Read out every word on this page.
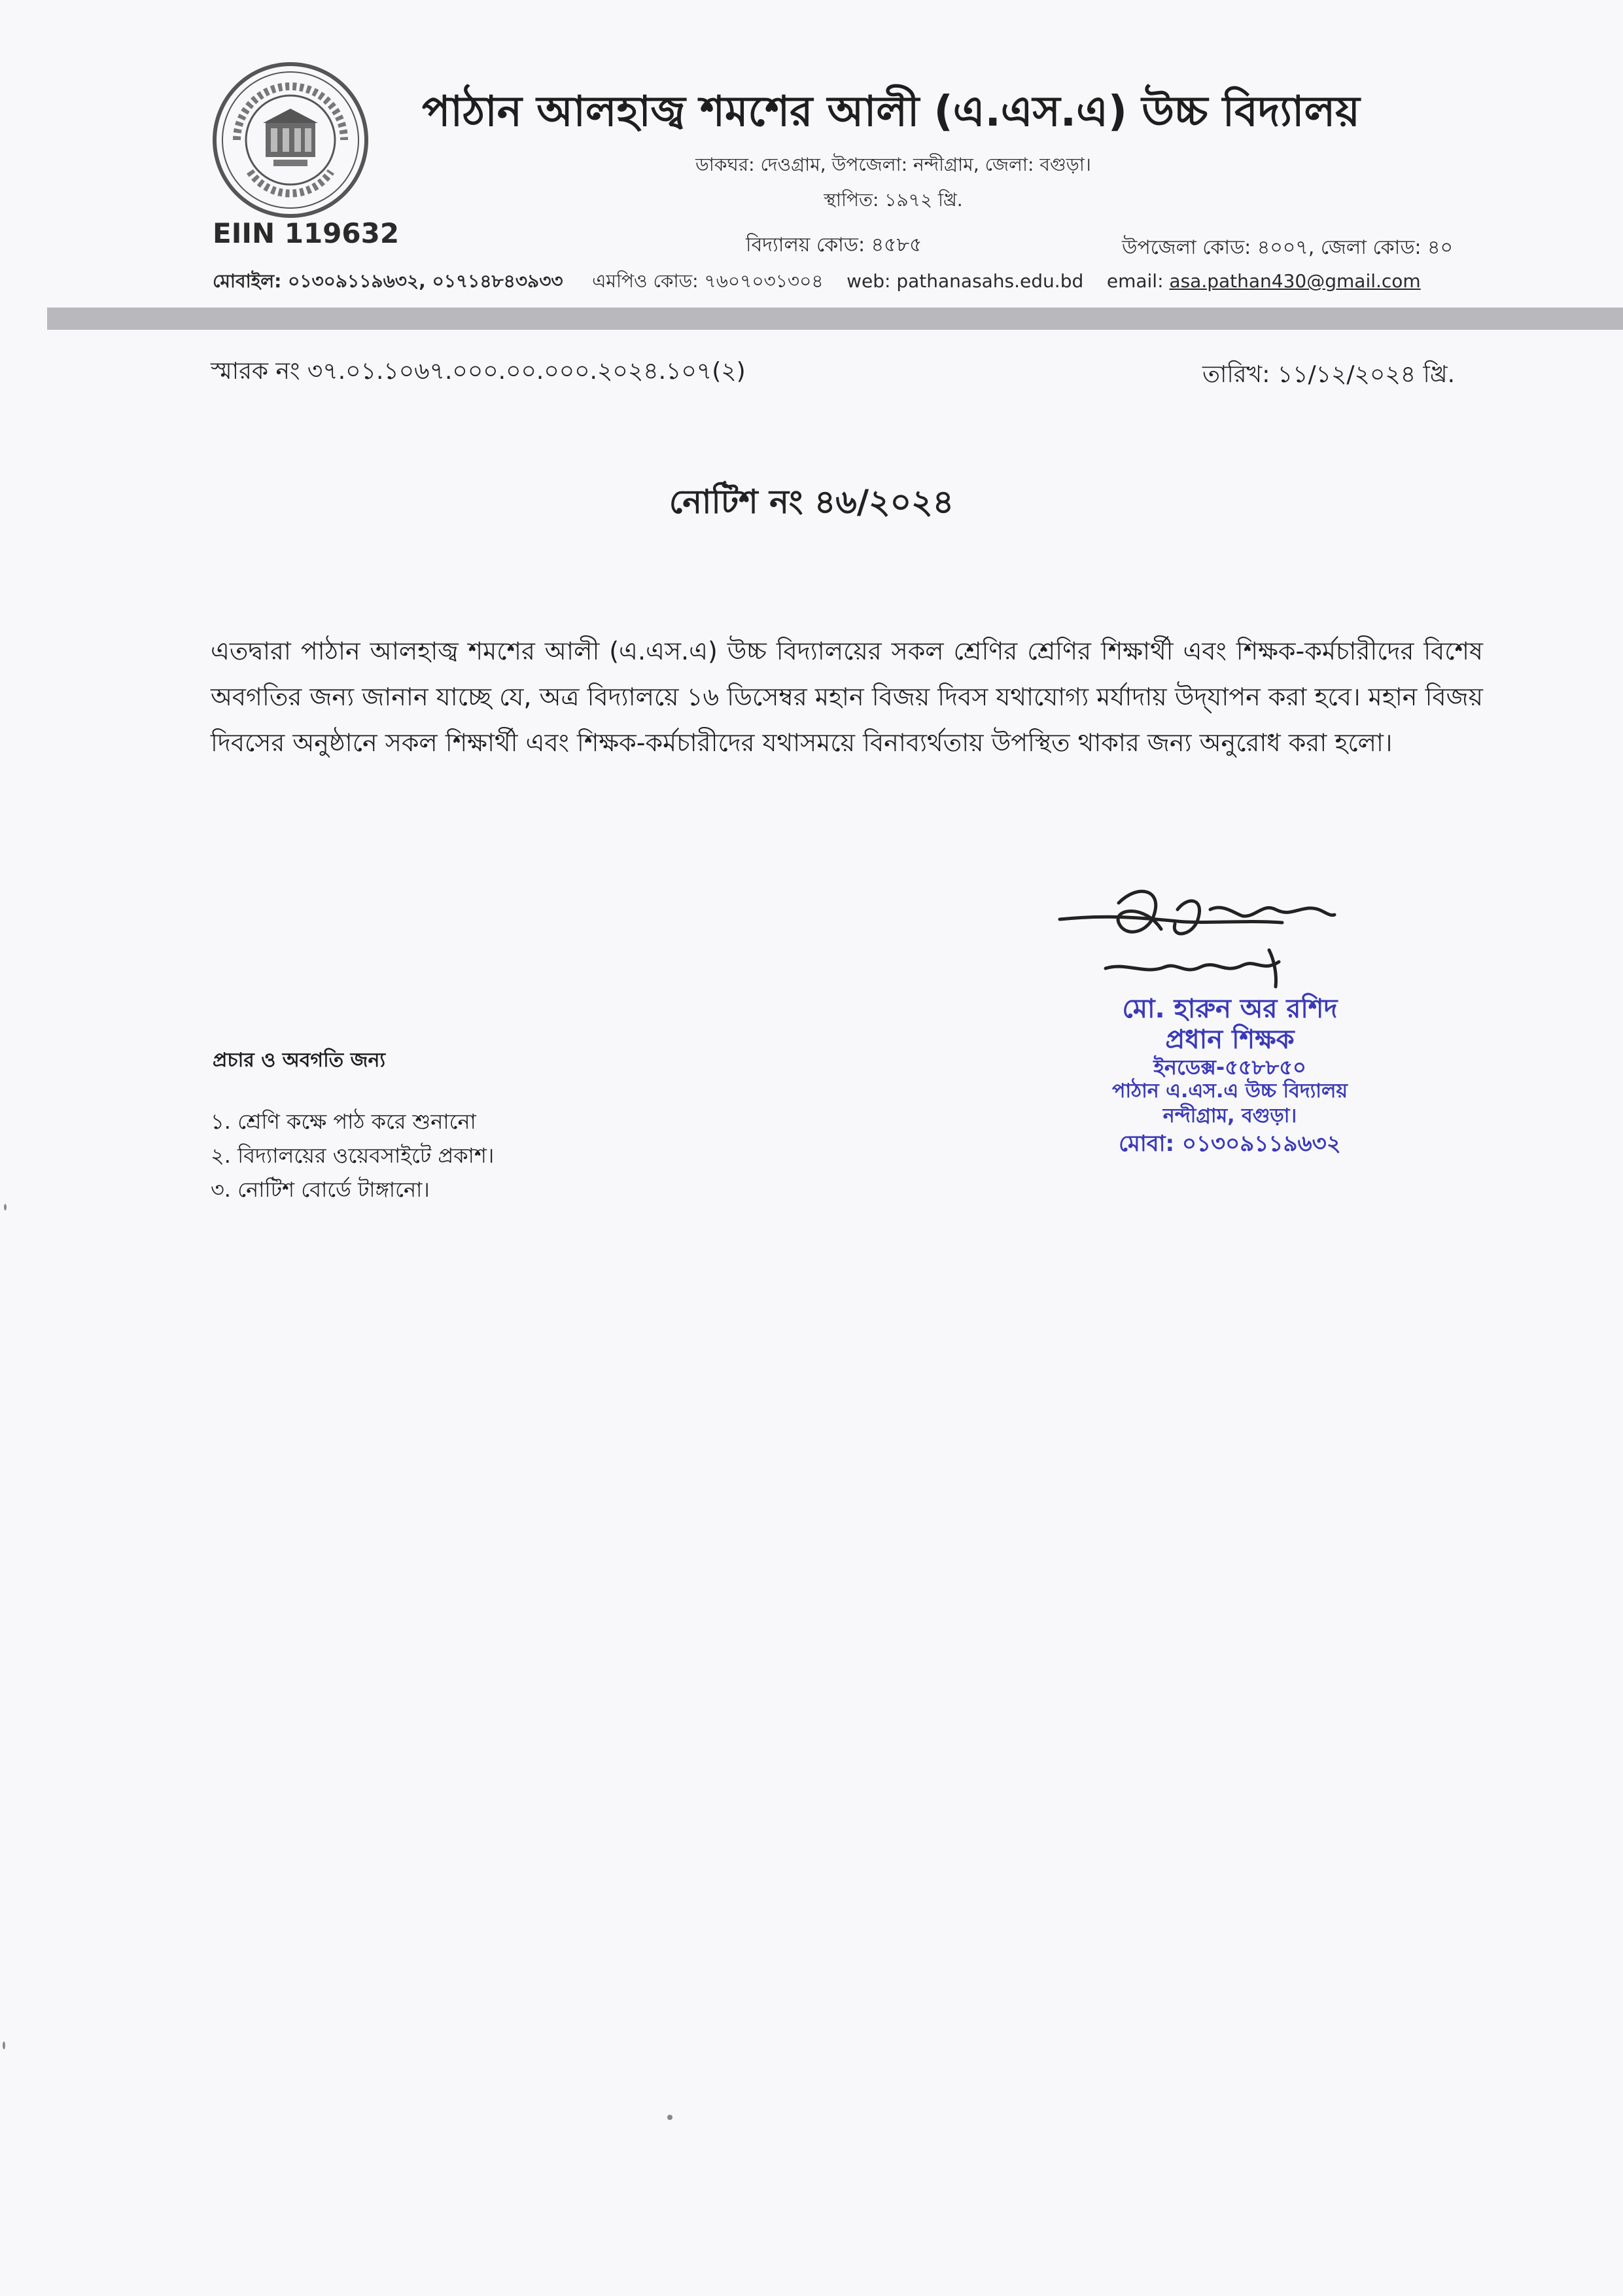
পাঠান আলহাজ্ব শমশের আলী (এ.এস.এ) উচ্চ বিদ্যালয়
ডাকঘর: দেওগ্রাম, উপজেলা: নন্দীগ্রাম, জেলা: বগুড়া।
স্থাপিত: ১৯৭২ খ্রি.
EIIN 119632	বিদ্যালয় কোড: ৪৫৮৫	উপজেলা কোড: ৪০০৭, জেলা কোড: ৪০
মোবাইল: ০১৩০৯১১৯৬৩২, ০১৭১৪৮৪৩৯৩৩ এমপিও কোড: ৭৬০৭০৩১৩০৪ web: pathanasahs.edu.bd email: asa.pathan430@gmail.com
স্মারক নং ৩৭.০১.১০৬৭.০০০.০০.০০০.২০২৪.১০৭(২)	তারিখ: ১১/১২/২০২৪ খ্রি.
নোটিশ নং ৪৬/২০২৪
এতদ্বারা পাঠান আলহাজ্ব শমশের আলী (এ.এস.এ) উচ্চ বিদ্যালয়ের সকল শ্রেণির শ্রেণির শিক্ষার্থী এবং শিক্ষক-কর্মচারীদের বিশেষ অবগতির জন্য জানান যাচ্ছে যে, অত্র বিদ্যালয়ে ১৬ ডিসেম্বর মহান বিজয় দিবস যথাযোগ্য মর্যাদায় উদ্‌যাপন করা হবে। মহান বিজয় দিবসের অনুষ্ঠানে সকল শিক্ষার্থী এবং শিক্ষক-কর্মচারীদের যথাসময়ে বিনাব্যর্থতায় উপস্থিত থাকার জন্য অনুরোধ করা হলো।
মো. হারুন অর রশিদ
প্রধান শিক্ষক
ইনডেক্স-৫৫৮৮৫০
পাঠান এ.এস.এ উচ্চ বিদ্যালয়
নন্দীগ্রাম, বগুড়া।
মোবা: ০১৩০৯১১৯৬৩২
প্রচার ও অবগতি জন্য
১. শ্রেণি কক্ষে পাঠ করে শুনানো
২. বিদ্যালয়ের ওয়েবসাইটে প্রকাশ।
৩. নোটিশ বোর্ডে টাঙ্গানো।
